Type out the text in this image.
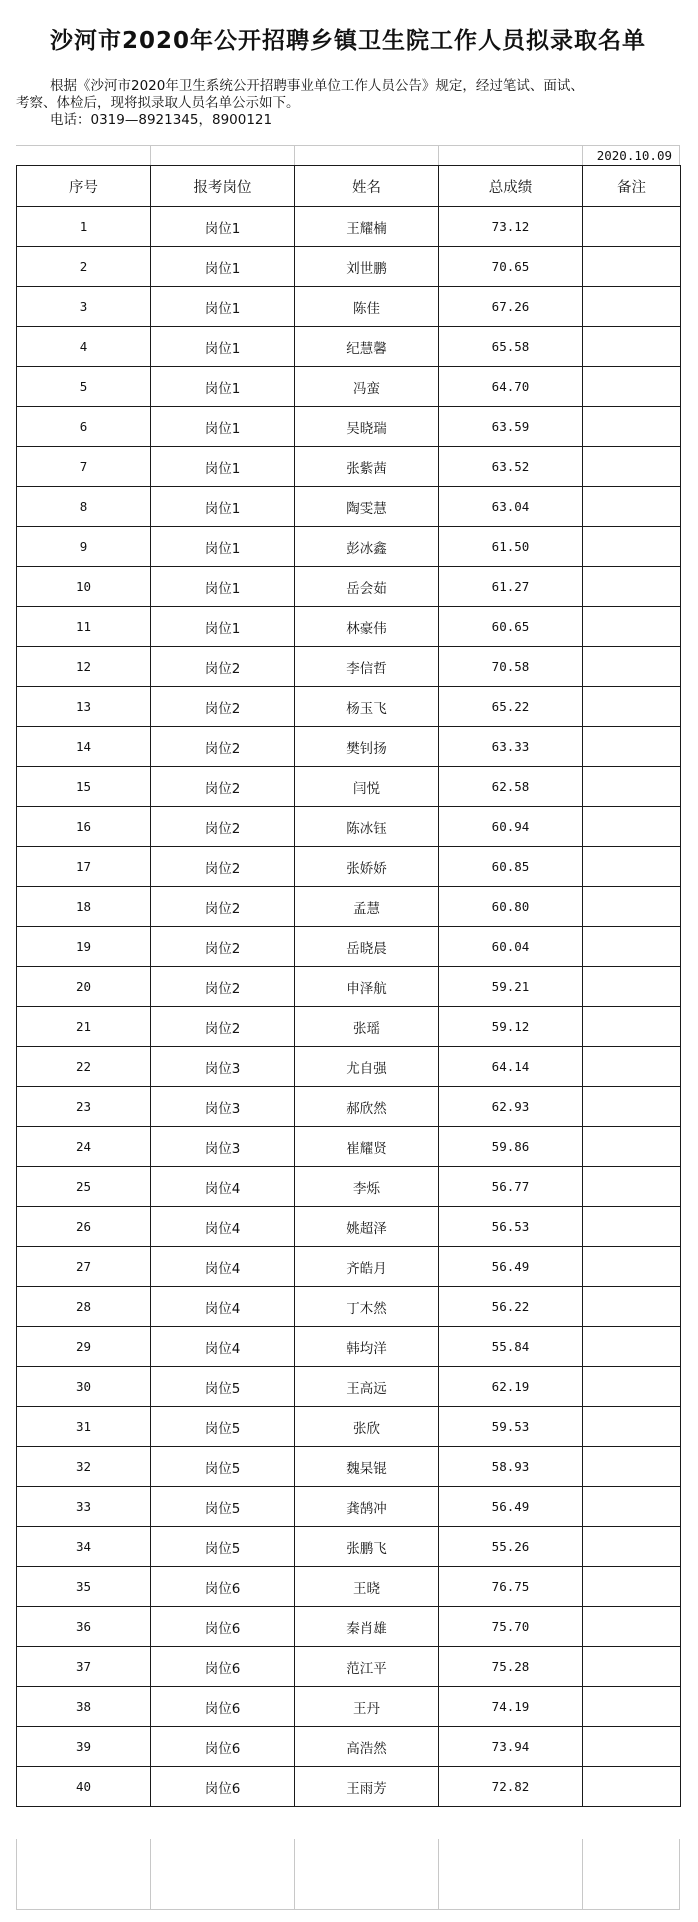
沙河市2020年公开招聘乡镇卫生院工作人员拟录取名单

根据《沙河市2020年卫生系统公开招聘事业单位工作人员公告》规定，经过笔试、面试、

考察、体检后，现将拟录取人员名单公示如下。

电话：0319—8921345，8900121

2020.10.09
序号	报考岗位	姓名	总成绩	备注
1	岗位1	王耀楠	73.12	
2	岗位1	刘世鹏	70.65	
3	岗位1	陈佳	67.26	
4	岗位1	纪慧馨	65.58	
5	岗位1	冯蛮	64.70	
6	岗位1	吴晓瑞	63.59	
7	岗位1	张紫茜	63.52	
8	岗位1	陶雯慧	63.04	
9	岗位1	彭冰鑫	61.50	
10	岗位1	岳会茹	61.27	
11	岗位1	林豪伟	60.65	
12	岗位2	李信哲	70.58	
13	岗位2	杨玉飞	65.22	
14	岗位2	樊钊扬	63.33	
15	岗位2	闫悦	62.58	
16	岗位2	陈冰钰	60.94	
17	岗位2	张娇娇	60.85	
18	岗位2	孟慧	60.80	
19	岗位2	岳晓晨	60.04	
20	岗位2	申泽航	59.21	
21	岗位2	张瑶	59.12	
22	岗位3	尤自强	64.14	
23	岗位3	郝欣然	62.93	
24	岗位3	崔耀贤	59.86	
25	岗位4	李烁	56.77	
26	岗位4	姚超泽	56.53	
27	岗位4	齐皓月	56.49	
28	岗位4	丁木然	56.22	
29	岗位4	韩均洋	55.84	
30	岗位5	王高远	62.19	
31	岗位5	张欣	59.53	
32	岗位5	魏杲锟	58.93	
33	岗位5	龚鹄冲	56.49	
34	岗位5	张鹏飞	55.26	
35	岗位6	王晓	76.75	
36	岗位6	秦肖雄	75.70	
37	岗位6	范江平	75.28	
38	岗位6	王丹	74.19	
39	岗位6	高浩然	73.94	
40	岗位6	王雨芳	72.82	
